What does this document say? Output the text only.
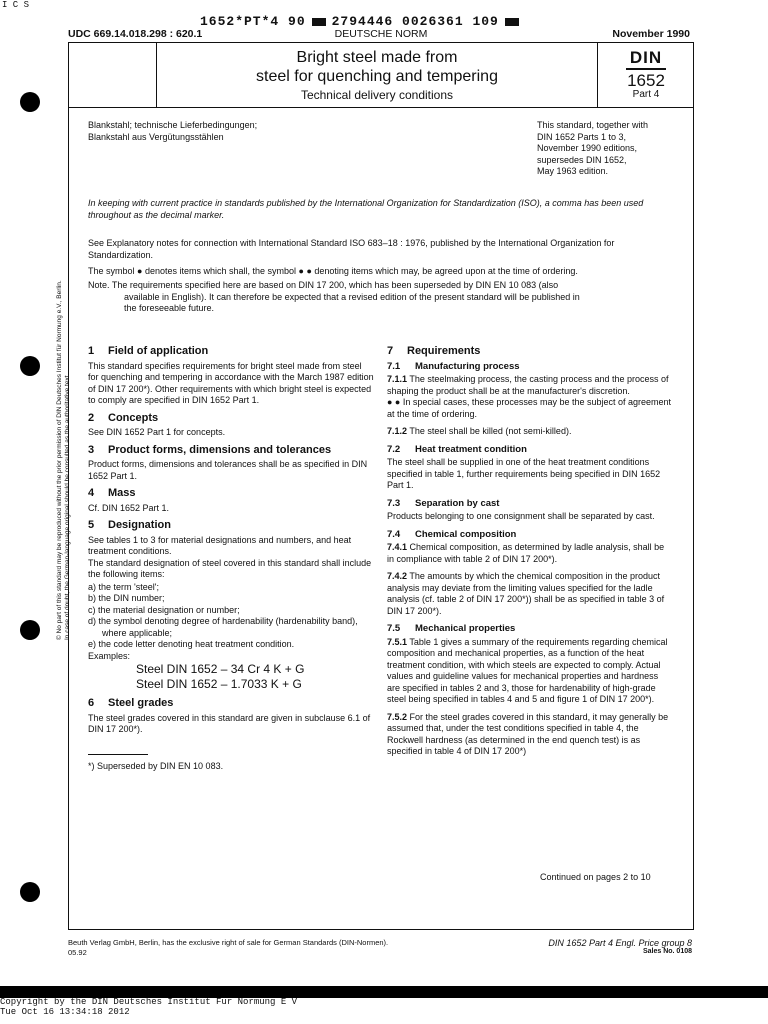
I C S
1652*PT*4 90 2794446 0026361 109
UDC 669.14.018.298 : 620.1	DEUTSCHE NORM	November 1990
Bright steel made from
steel for quenching and tempering
Technical delivery conditions
DIN
1652
Part 4
Blankstahl; technische Lieferbedingungen;
Blankstahl aus Vergütungsstählen
This standard, together with
DIN 1652 Parts 1 to 3,
November 1990 editions,
supersedes DIN 1652,
May 1963 edition.
In keeping with current practice in standards published by the International Organization for Standardization (ISO), a comma has been used throughout as the decimal marker.
See Explanatory notes for connection with International Standard ISO 683–18 : 1976, published by the International Organization for Standardization.
The symbol ● denotes items which shall, the symbol ● ● denoting items which may, be agreed upon at the time of ordering.
Note. The requirements specified here are based on DIN 17 200, which has been superseded by DIN EN 10 083 (also
available in English). It can therefore be expected that a revised edition of the present standard will be published in
the foreseeable future.
1 Field of application

This standard specifies requirements for bright steel made from steel for quenching and tempering in accordance with the March 1987 edition of DIN 17 200*). Other requirements with which bright steel is expected to comply are specified in DIN 1652 Part 1.

2 Concepts

See DIN 1652 Part 1 for concepts.

3 Product forms, dimensions and tolerances

Product forms, dimensions and tolerances shall be as specified in DIN 1652 Part 1.

4 Mass

Cf. DIN 1652 Part 1.

5 Designation

See tables 1 to 3 for material designations and numbers, and heat treatment conditions.

The standard designation of steel covered in this standard shall include the following items:

a) the term 'steel';

b) the DIN number;

c) the material designation or number;

d) the symbol denoting degree of hardenability (hardenability band), where applicable;

e) the code letter denoting heat treatment condition.

Examples:

Steel DIN 1652 – 34 Cr 4 K + G
Steel DIN 1652 – 1.7033 K + G
6 Steel grades

The steel grades covered in this standard are given in subclause 6.1 of DIN 17 200*).

*) Superseded by DIN EN 10 083.
7 Requirements
7.1 Manufacturing process

7.1.1 The steelmaking process, the casting process and the process of shaping the product shall be at the manufacturer's discretion.

● ● In special cases, these processes may be the subject of agreement at the time of ordering.

7.1.2 The steel shall be killed (not semi-killed).

7.2 Heat treatment condition

The steel shall be supplied in one of the heat treatment conditions specified in table 1, further requirements being specified in DIN 1652 Part 1.

7.3 Separation by cast

Products belonging to one consignment shall be separated by cast.

7.4 Chemical composition

7.4.1 Chemical composition, as determined by ladle analysis, shall be in compliance with table 2 of DIN 17 200*).

7.4.2 The amounts by which the chemical composition in the product analysis may deviate from the limiting values specified for the ladle analysis (cf. table 2 of DIN 17 200*)) shall be as specified in table 3 of DIN 17 200*).

7.5 Mechanical properties

7.5.1 Table 1 gives a summary of the requirements regarding chemical composition and mechanical properties, as a function of the heat treatment condition, with which steels are expected to comply. Actual values and guideline values for mechanical properties and hardness are specified in tables 2 and 3, those for hardenability of high-grade steel being specified in tables 4 and 5 and figure 1 of DIN 17 200*).

7.5.2 For the steel grades covered in this standard, it may generally be assumed that, under the test conditions specified in table 4, the Rockwell hardness (as determined in the end quench test) is as specified in table 4 of DIN 17 200*)

Continued on pages 2 to 10
Beuth Verlag GmbH, Berlin, has the exclusive right of sale for German Standards (DIN-Normen).
05.92
DIN 1652 Part 4 Engl. Price group 8
Sales No. 0108
© No part of this standard may be reproduced without the prior permission of DIN Deutsches Institut für Normung e.V., Berlin. In case of doubt, the German-language original should be consulted as the authoritative text.
Copyright by the DIN Deutsches Institut Fur Normung E V
Tue Oct 16 13:34:18 2012
